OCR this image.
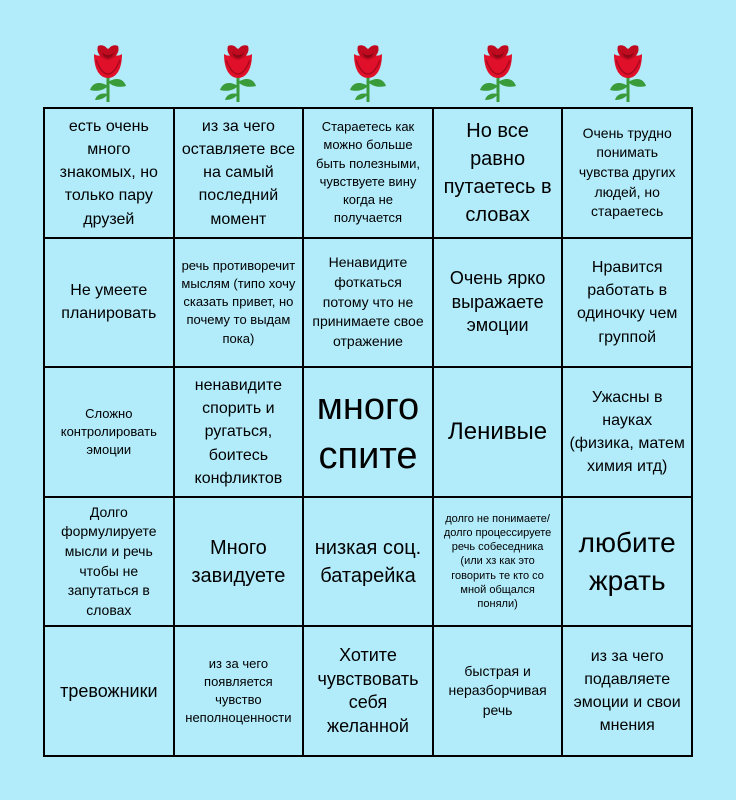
есть очень много знакомых, но только пару друзей
из за чего оставляете все на самый последний момент
Стараетесь как можно больше быть полезными, чувствуете вину когда не получается
Но все равно путаетесь в словах
Очень трудно понимать чувства других людей, но стараетесь
Не умеете планировать
речь противоречит мыслям (типо хочу сказать привет, но почему то выдам пока)
Ненавидите фоткаться потому что не принимаете свое отражение
Очень ярко выражаете эмоции
Нравится работать в одиночку чем группой
Сложно контролировать эмоции
ненавидите спорить и ругаться, боитесь конфликтов
много спите
Ленивые
Ужасны в науках (физика, матем химия итд)
Долго формулируете мысли и речь чтобы не запутаться в словах
Много завидуете
низкая соц. батарейка
долго не понимаете/долго процессируете речь собеседника (или хз как это говорить те кто со мной общался поняли)
любите жрать
тревожники
из за чего появляется чувство неполноценности
Хотите чувствовать себя желанной
быстрая и неразборчивая речь
из за чего подавляете эмоции и свои мнения
